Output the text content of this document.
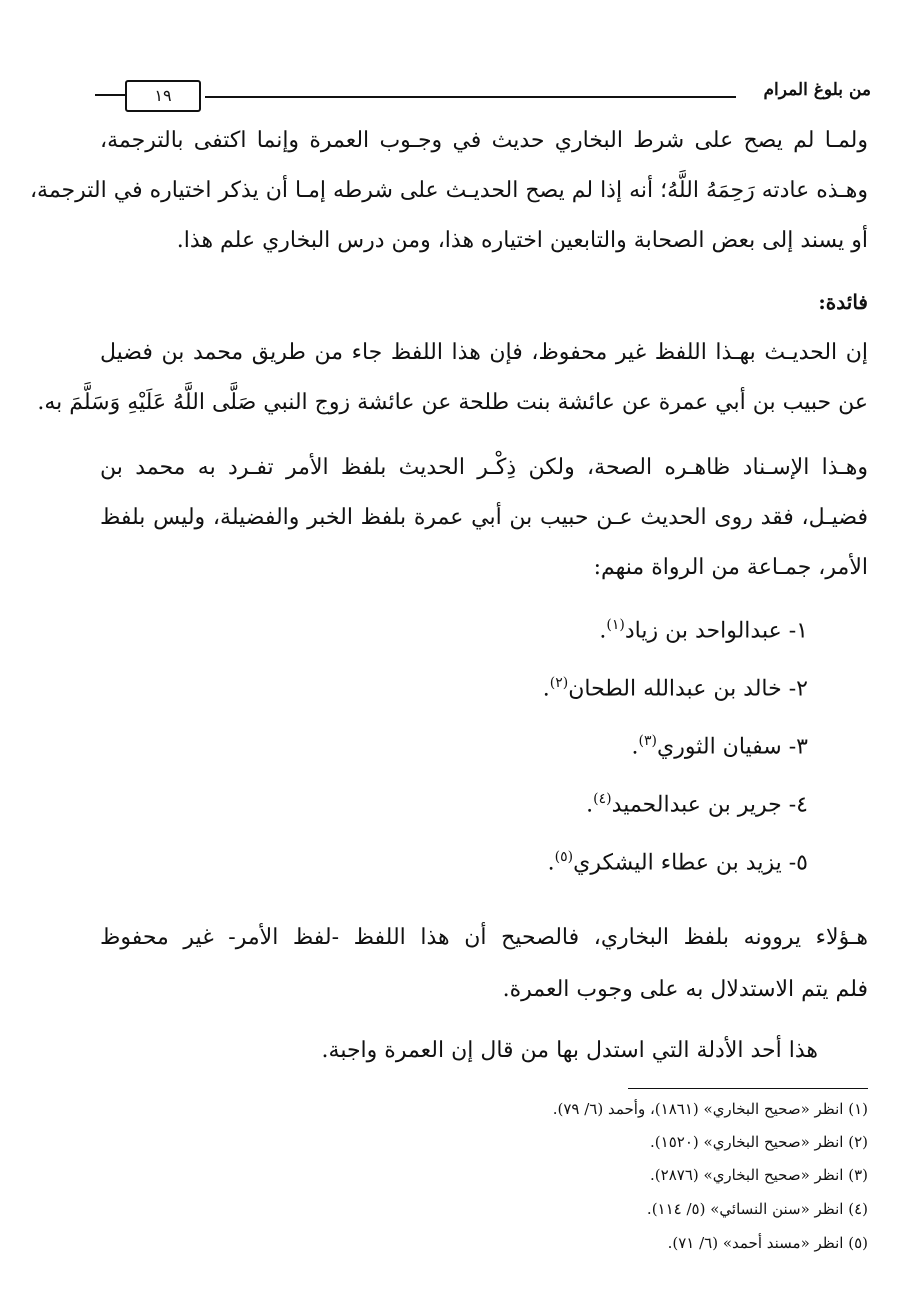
من بلوغ المرام
١٩
ولمـا لم يصح على شرط البخاري حديث في وجـوب العمرة وإنما اكتفى بالترجمة،
وهـذه عادته رَحِمَهُ اللَّهُ؛ أنه إذا لم يصح الحديـث على شرطه إمـا أن يذكر اختياره في الترجمة،
أو يسند إلى بعض الصحابة والتابعين اختياره هذا، ومن درس البخاري علم هذا.
فائدة:
إن الحديـث بهـذا اللفظ غير محفوظ، فإن هذا اللفظ جاء من طريق محمد بن فضيل
عن حبيب بن أبي عمرة عن عائشة بنت طلحة عن عائشة زوج النبي صَلَّى اللَّهُ عَلَيْهِ وَسَلَّمَ به.
وهـذا الإسـناد ظاهـره الصحة، ولكن ذِكْـر الحديث بلفظ الأمر تفـرد به محمد بن
فضيـل، فقد روى الحديث عـن حبيب بن أبي عمرة بلفظ الخبر والفضيلة، وليس بلفظ
الأمر، جمـاعة من الرواة منهم:
١- عبدالواحد بن زياد$^{(١)}$.
٢- خالد بن عبدالله الطحان$^{(٢)}$.
٣- سفيان الثوري$^{(٣)}$.
٤- جرير بن عبدالحميد$^{(٤)}$.
٥- يزيد بن عطاء اليشكري$^{(٥)}$.
هـؤلاء يروونه بلفظ البخاري، فالصحيح أن هذا اللفظ -لفظ الأمر- غير محفوظ
فلم يتم الاستدلال به على وجوب العمرة.
هذا أحد الأدلة التي استدل بها من قال إن العمرة واجبة.
(١) انظر «صحيح البخاري» (١٨٦١)، وأحمد (٦/ ٧٩).
(٢) انظر «صحيح البخاري» (١٥٢٠).
(٣) انظر «صحيح البخاري» (٢٨٧٦).
(٤) انظر «سنن النسائي» (٥/ ١١٤).
(٥) انظر «مسند أحمد» (٦/ ٧١).
